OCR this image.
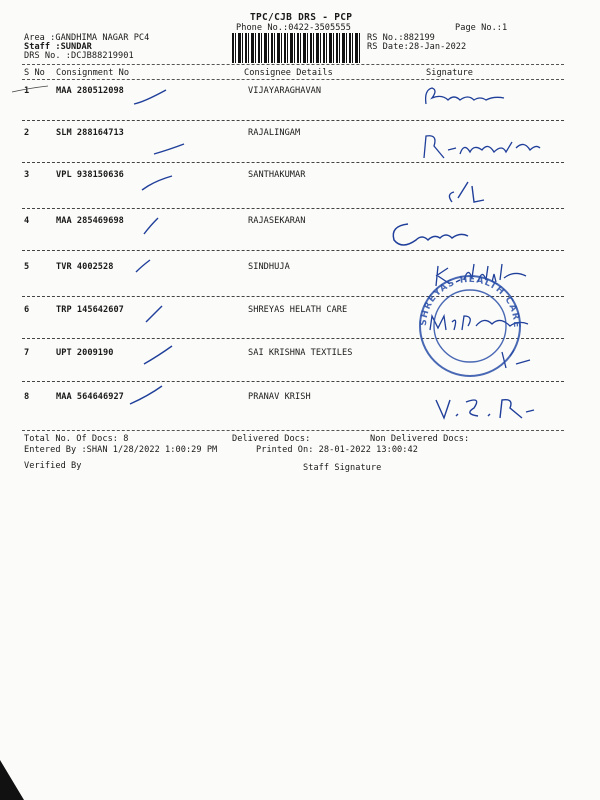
TPC/CJB DRS - PCP
Phone No.:0422-3505555	Page No.:1
Area :GANDHIMA NAGAR PC4
Staff :SUNDAR
DRS No. :DCJB88219901
RS No.:882199
RS Date:28-Jan-2022
S No Consignment No	Consignee Details	Signature
1	MAA 280512098	VIJAYARAGHAVAN
2	SLM 288164713	RAJALINGAM
3	VPL 938150636	SANTHAKUMAR
4	MAA 285469698	RAJASEKARAN
5	TVR 4002528	SINDHUJA
6	TRP 145642607	SHREYAS HELATH CARE
7	UPT 2009190	SAI KRISHNA TEXTILES
8	MAA 564646927	PRANAV KRISH
Total No. Of Docs: 8	Delivered Docs:	Non Delivered Docs:
Entered By :SHAN 1/28/2022 1:00:29 PM	Printed On: 28-01-2022 13:00:42
Verified By	Staff Signature
SHREYAS HEALTH CARE
